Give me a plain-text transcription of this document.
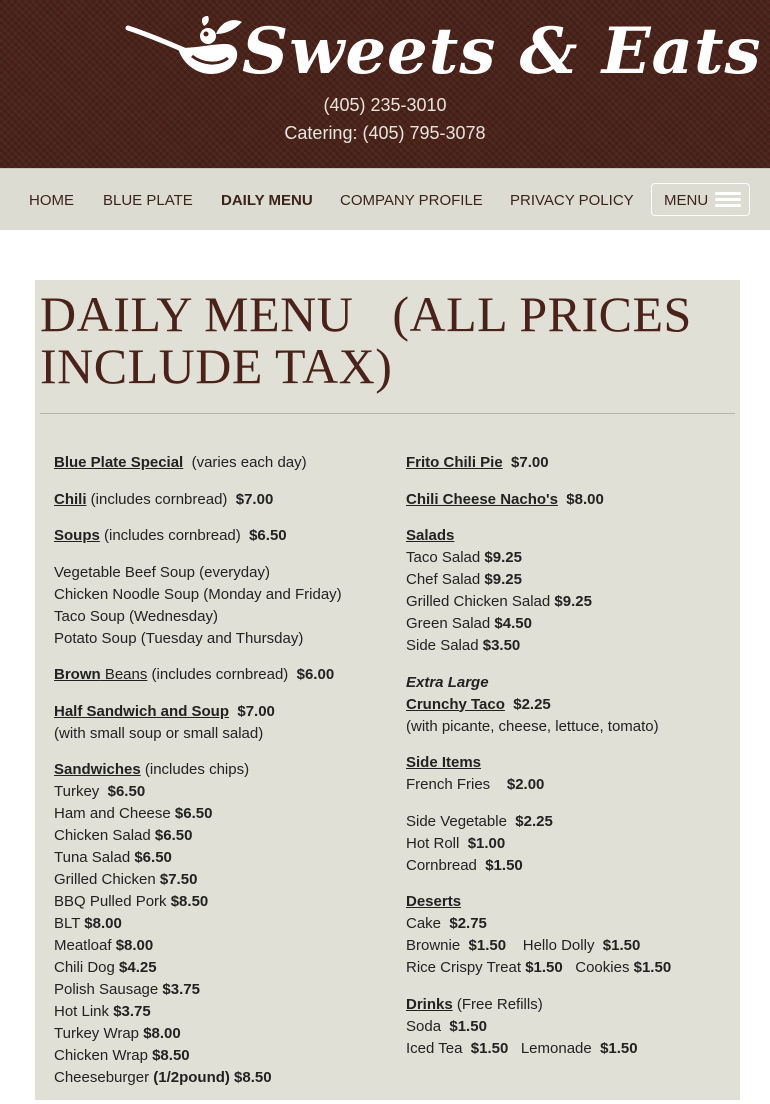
Sweets & Eats
(405) 235-3010
Catering: (405) 795-3078
HOME BLUE PLATE DAILY MENU COMPANY PROFILE PRIVACY POLICY MENU
DAILY MENU   (ALL PRICES INCLUDE TAX)
Blue Plate Special  (varies each day)
Chili (includes cornbread)  $7.00
Soups (includes cornbread)  $6.50
Vegetable Beef Soup (everyday)
Chicken Noodle Soup (Monday and Friday)
Taco Soup (Wednesday)
Potato Soup (Tuesday and Thursday)
Brown Beans (includes cornbread)  $6.00
Half Sandwich and Soup  $7.00
(with small soup or small salad)
Sandwiches (includes chips)
Turkey  $6.50
Ham and Cheese $6.50
Chicken Salad $6.50
Tuna Salad $6.50
Grilled Chicken $7.50
BBQ Pulled Pork $8.50
BLT $8.00
Meatloaf $8.00
Chili Dog $4.25
Polish Sausage $3.75
Hot Link $3.75
Turkey Wrap $8.00
Chicken Wrap $8.50
Cheeseburger (1/2pound) $8.50
Frito Chili Pie  $7.00
Chili Cheese Nacho's  $8.00
Salads
Taco Salad $9.25
Chef Salad $9.25
Grilled Chicken Salad $9.25
Green Salad $4.50
Side Salad $3.50
Extra Large
Crunchy Taco  $2.25
(with picante, cheese, lettuce, tomato)
Side Items
French Fries    $2.00
Side Vegetable  $2.25
Hot Roll  $1.00
Cornbread  $1.50
Deserts
Cake  $2.75
Brownie  $1.50    Hello Dolly  $1.50
Rice Crispy Treat $1.50   Cookies $1.50
Drinks (Free Refills)
Soda  $1.50
Iced Tea  $1.50   Lemonade  $1.50
